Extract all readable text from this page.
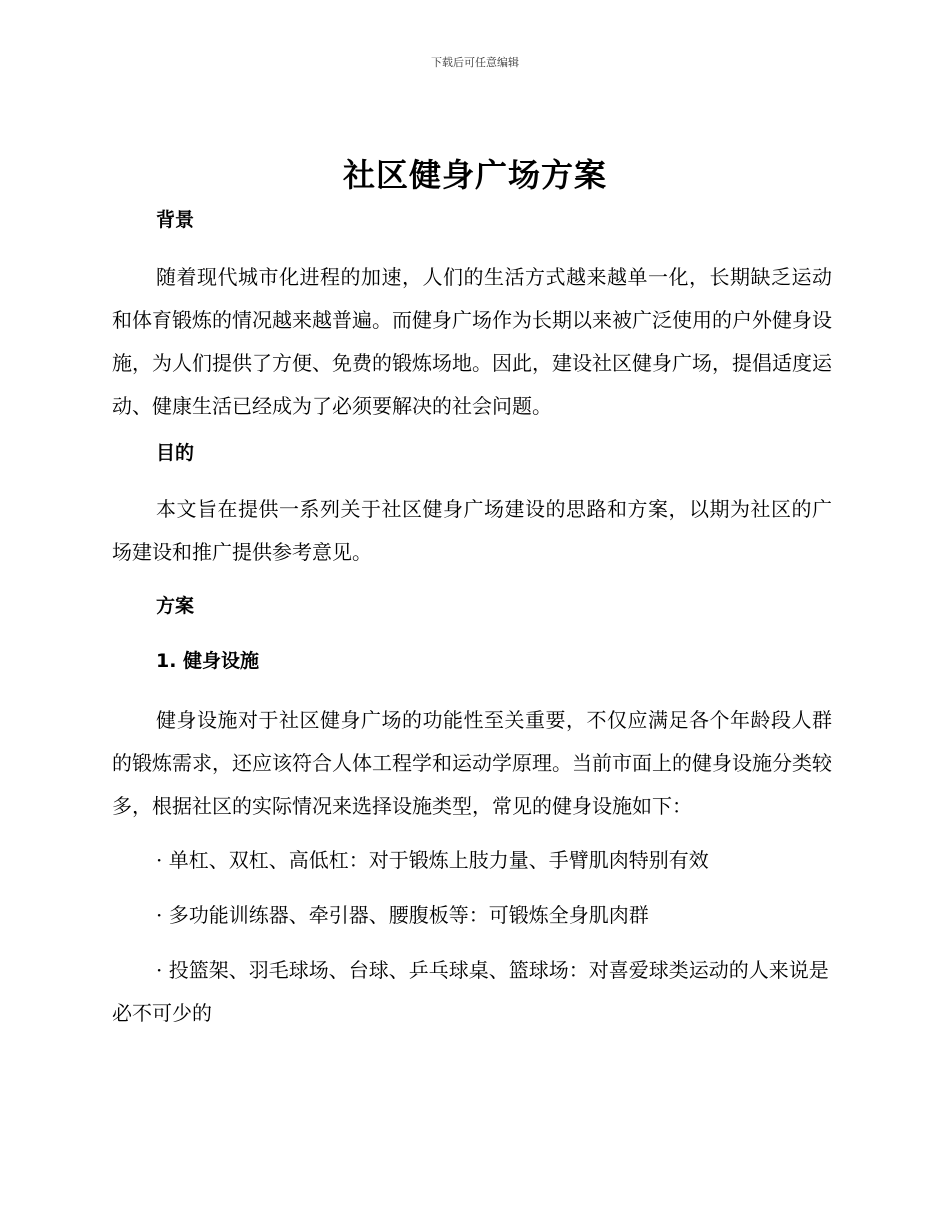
下载后可任意编辑
社区健身广场方案
背景

随着现代城市化进程的加速，人们的生活方式越来越单一化，长期缺乏运动和体育锻炼的情况越来越普遍。而健身广场作为长期以来被广泛使用的户外健身设施，为人们提供了方便、免费的锻炼场地。因此，建设社区健身广场，提倡适度运动、健康生活已经成为了必须要解决的社会问题。

目的

本文旨在提供一系列关于社区健身广场建设的思路和方案，以期为社区的广场建设和推广提供参考意见。

方案
1. 健身设施

健身设施对于社区健身广场的功能性至关重要，不仅应满足各个年龄段人群的锻炼需求，还应该符合人体工程学和运动学原理。当前市面上的健身设施分类较多，根据社区的实际情况来选择设施类型，常见的健身设施如下：

· 单杠、双杠、高低杠：对于锻炼上肢力量、手臂肌肉特别有效

· 多功能训练器、牵引器、腰腹板等：可锻炼全身肌肉群

· 投篮架、羽毛球场、台球、乒乓球桌、篮球场：对喜爱球类运动的人来说是必不可少的
